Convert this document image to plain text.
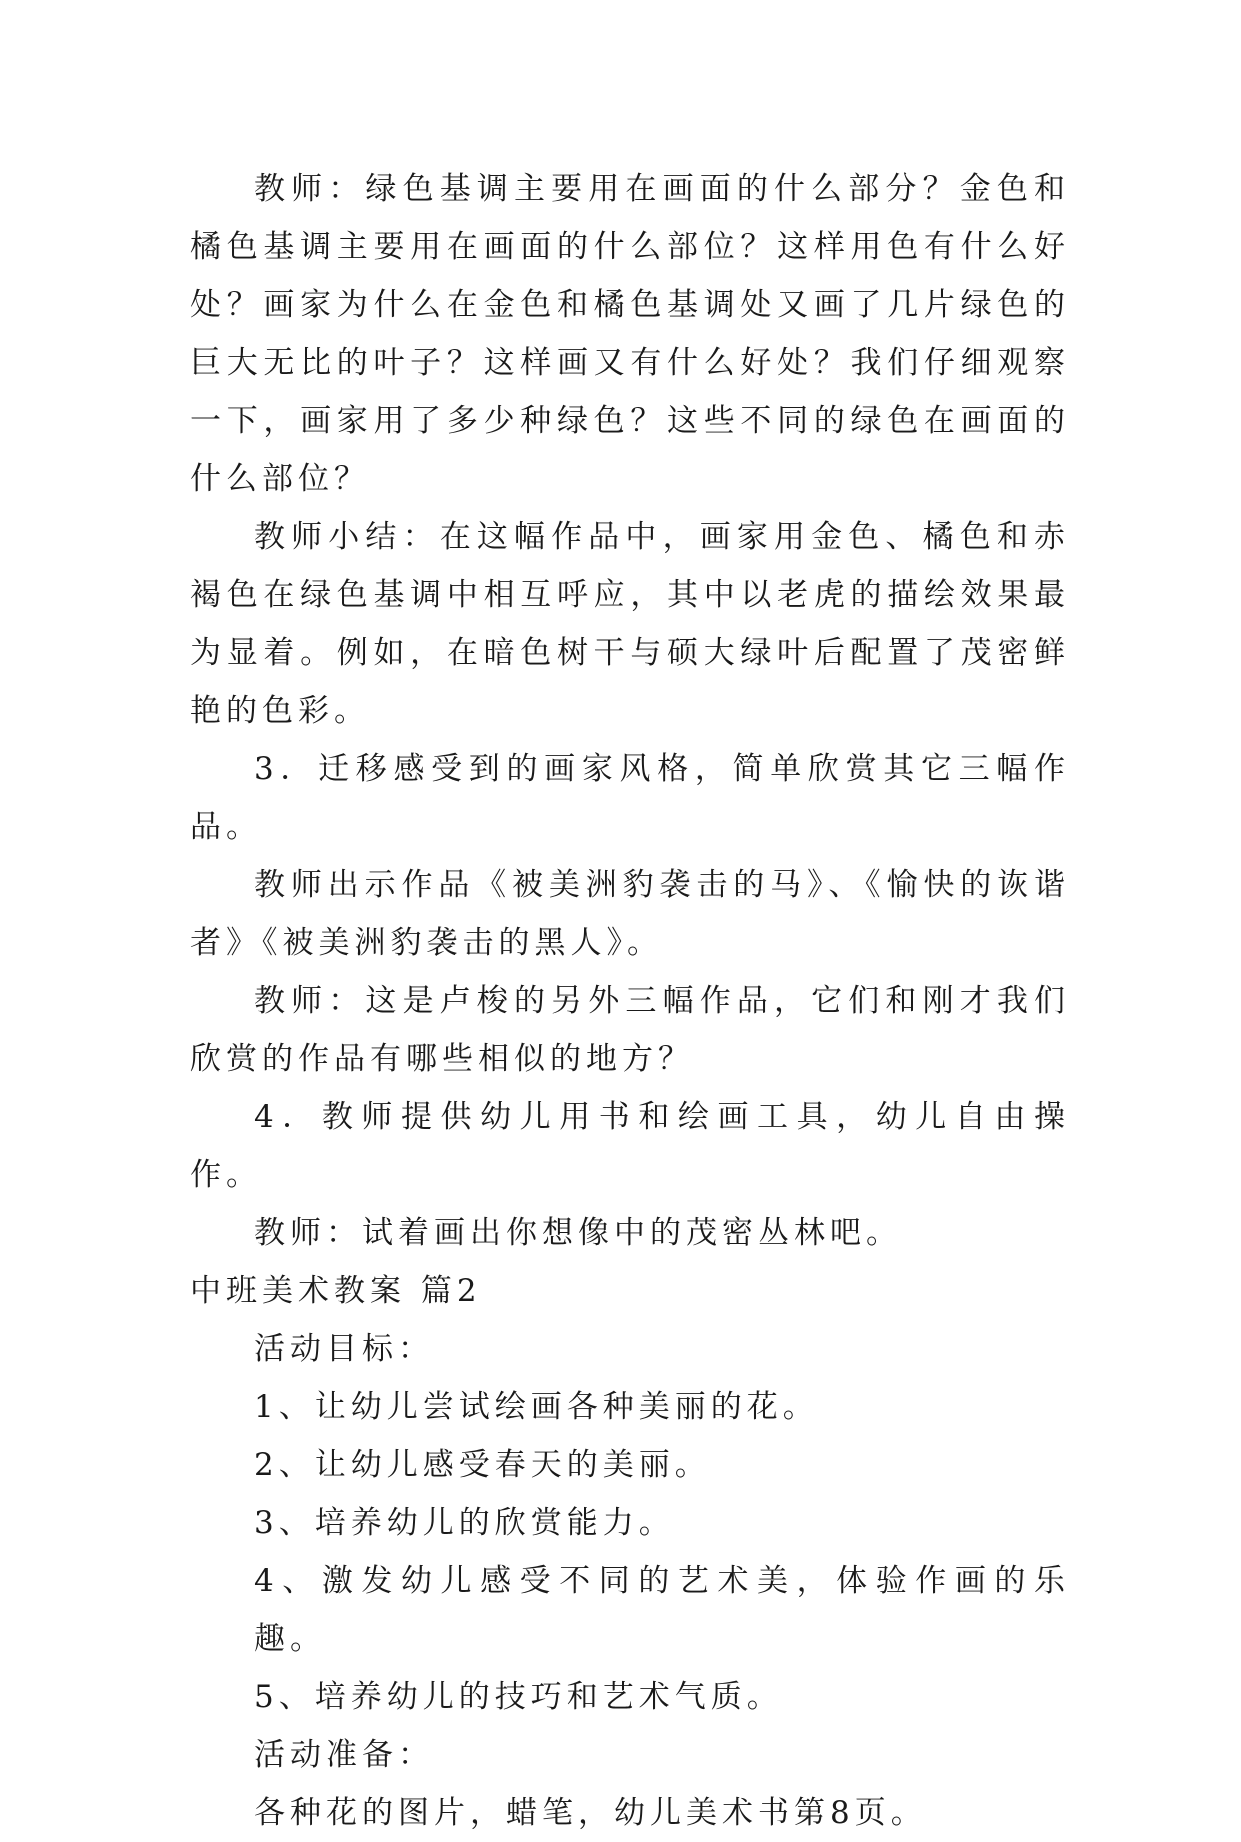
教师：绿色基调主要用在画面的什么部分？金色和橘色基调主要用在画面的什么部位？这样用色有什么好处？画家为什么在金色和橘色基调处又画了几片绿色的巨大无比的叶子？这样画又有什么好处？我们仔细观察一下，画家用了多少种绿色？这些不同的绿色在画面的什么部位？

教师小结：在这幅作品中，画家用金色、橘色和赤褐色在绿色基调中相互呼应，其中以老虎的描绘效果最为显着。例如，在暗色树干与硕大绿叶后配置了茂密鲜艳的色彩。

3．迁移感受到的画家风格，简单欣赏其它三幅作品。

教师出示作品《被美洲豹袭击的马》、《愉快的诙谐者》《被美洲豹袭击的黑人》。

教师：这是卢梭的另外三幅作品，它们和刚才我们欣赏的作品有哪些相似的地方？

4．教师提供幼儿用书和绘画工具，幼儿自由操作。

教师：试着画出你想像中的茂密丛林吧。

中班美术教案 篇2

活动目标：

1、让幼儿尝试绘画各种美丽的花。

2、让幼儿感受春天的美丽。

3、培养幼儿的欣赏能力。

4、激发幼儿感受不同的艺术美，体验作画的乐趣。

5、培养幼儿的技巧和艺术气质。

活动准备：

各种花的图片，蜡笔，幼儿美术书第8页。
